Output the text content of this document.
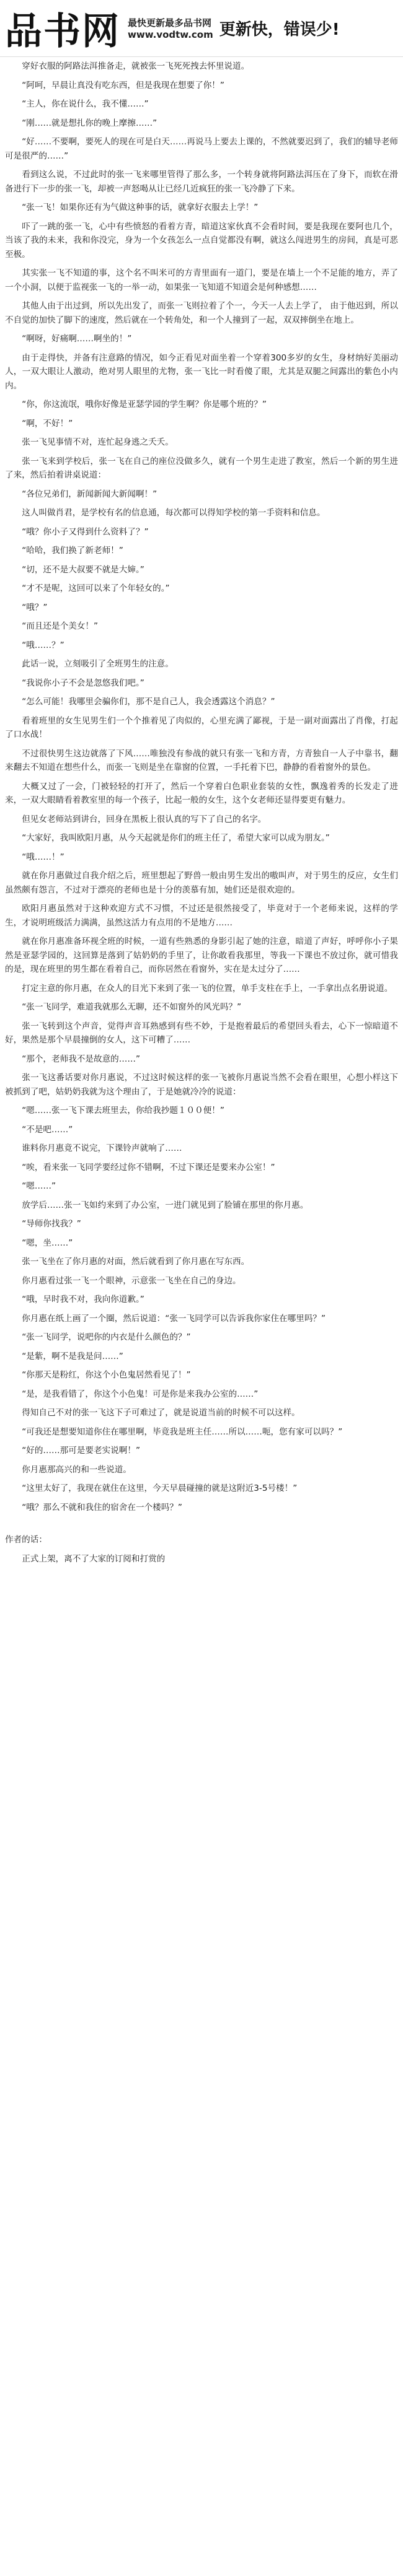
品书网 最快更新最多品书网
www.vodtw.com 更新快，错误少!

穿好衣服的阿路法洱推备走，就被张一飞死死拽去怀里说道。

“阿呵，早晨让真没有吃东西，但是我现在想要了你！”

“主人，你在说什么，我不懂……”

“刚……就是想扎你的晚上摩擦……”

“好……不要啊，要死人的现在可是白天……再说马上要去上课的，不然就要迟到了，我们的辅导老师可是很严的……”

看到这么说，不过此时的张一飞来哪里管得了那么多，一个转身就将阿路法洱压在了身下，而软在滑备进行下一步的张一飞，却被一声怒喝从让已经几近疯狂的张一飞冷静了下来。

“张一飞！如果你还有为气做这种事的话，就拿好衣服去上学！”

吓了一跳的张一飞，心中有些愤怒的看着方青，暗道这家伙真不会看时间，要是我现在要阿也几个，当该了我的未来，我和你没完，身为一个女孩怎么一点自觉都没有啊，就这么闯进男生的房间，真是可恶至极。

其实张一飞不知道的事，这个名不叫米可的方青里面有一道门，要是在墙上一个不足能的地方，弄了一个小洞，以便于监视张一飞的一举一动，如果张一飞知道不知道会是何种感想……

其他人由于出过到，所以先出发了，而张一飞则拉着了个一，今天一人去上学了， 由于他迟到，所以不自觉的加快了脚下的速度，然后就在一个转角处，和一个人撞到了一起，双双摔倒坐在地上。

“啊呀，好痛啊……啊坐的！”

由于走得快，并备有注意路的情况，如今正看见对面坐着一个穿着300多岁的女生，身材纳好美丽动人，一双大眼让人激动，绝对男人眼里的尤物，张一飞比一时看傻了眼，尤其是双腿之间露出的紫色小内内。

“你，你这流氓，哦你好像是亚瑟学园的学生啊？你是哪个班的？”

“啊，不好！”

张一飞见事情不对，连忙起身逃之夭夭。

张一飞来到学校后，张一飞在自己的座位没做多久，就有一个男生走进了教室，然后一个新的男生进了来，然后拍着讲桌说道：

“各位兄弟们，新闻新闻大新闻啊！”

这人叫做肖君，是学校有名的信息通，每次都可以得知学校的第一手资料和信息。

“哦？你小子又得到什么资料了？”

“哈哈，我们换了新老师！”

“切，还不是大叔要不就是大婶。”

“才不是呢，这回可以来了个年轻女的。”

“哦？”

“而且还是个美女！”

“哦……？”

此话一说，立刻吸引了全班男生的注意。

“我说你小子不会是忽悠我们吧。”

“怎么可能！我哪里会骗你们，那不是自己人，我会透露这个消息？”

看着班里的女生见男生们一个个推着见了肉似的，心里充满了鄙视，于是一副对面露出了肖像，打起了口水战！

不过很快男生这边就落了下风……唯独没有参战的就只有张一飞和方青，方青独自一人子中靠书，翻来翻去不知道在想些什么，而张一飞则是坐在靠窗的位置，一手托着下巴，静静的看着窗外的景色。

大概又过了一会，门被轻轻的打开了，然后一个穿着白色职业套装的女性，飘逸着秀的长发走了进来，一双大眼睛看着教室里的每一个孩子，比起一般的女生，这个女老师还显得要更有魅力。

但见女老师站到讲台，回身在黑板上很认真的写下了自己的名字。

“大家好，我叫欧阳月惠，从今天起就是你们的班主任了，希望大家可以成为朋友。”

“哦……！”

就在你月惠做过自我介绍之后，班里想起了野兽一般由男生发出的嗷叫声，对于男生的反应，女生们虽然颇有怨言，不过对于漂亮的老师也是十分的羡慕有加，她们还是很欢迎的。

欧阳月惠虽然对于这种欢迎方式不习惯，不过还是很然接受了，毕竟对于一个老师来说，这样的学生，才说明班级活力满满，虽然这活力有点用的不是地方……

就在你月惠准备环视全班的时候，一道有些熟悉的身影引起了她的注意，暗道了声好，呼呼你小子果然是亚瑟学园的，这回算是落到了姑奶奶的手里了，让你敢看我那里，等我一下课也不放过你，就可惜我的是，现在班里的男生都在看着自己，而你居然在看窗外，实在是太过分了……

打定主意的你月惠，在众人的目光下来到了张一飞的位置，单手支柱在手上，一手拿出点名册说道。

“张一飞同学，难道我就那么无聊，还不如窗外的风光吗？”

张一飞转到这个声音，觉得声音耳熟感到有些不妙，于是抱着最后的希望回头看去，心下一惊暗道不好，果然是那个早晨撞倒的女人，这下可糟了……

“那个，老师我不是故意的……”

张一飞这番话要对你月惠说，不过这时候这样的张一飞被你月惠说当然不会看在眼里，心想小样这下被抓到了吧，姑奶奶我就为这个理由了，于是她就冷冷的说道：

“嗯……张一飞下课去班里去，你给我抄题１００便！”

“不是吧……”

谁料你月惠竟不说完，下课铃声就响了……

“唉，看来张一飞同学要经过你不错啊，不过下课还是要来办公室！”

“嗯……”

放学后……张一飞如约来到了办公室，一进门就见到了脸铺在那里的你月惠。

“导师你找我？”

“嗯，坐……”

张一飞坐在了你月惠的对面，然后就看到了你月惠在写东西。

你月惠看过张一飞一个眼神，示意张一飞坐在自己的身边。

“哦，早时我不对，我向你道歉。”

你月惠在纸上画了一个圈，然后说道：“张一飞同学可以告诉我你家住在哪里吗？”

“张一飞同学，说吧你的内衣是什么颜色的？”

“是紫，啊不是我是问……”

“你那天是粉红，你这个小色鬼居然看见了！”

“是，是我看错了，你这个小色鬼！可是你是来我办公室的……”

得知自己不对的张一飞这下子可难过了，就是说道当前的时候不可以这样。

“可我还是想要知道你住在哪里啊，毕竟我是班主任……所以……呃，您有家可以吗？”

“好的……那可是要老实说啊！”

你月惠那高兴的和一些说道。

“这里太好了，我现在就住在这里，今天早晨碰撞的就是这附近3-5号楼！”

“哦？那么不就和我住的宿舍在一个楼吗？”

作者的话：

正式上架，离不了大家的订阅和打赏的
